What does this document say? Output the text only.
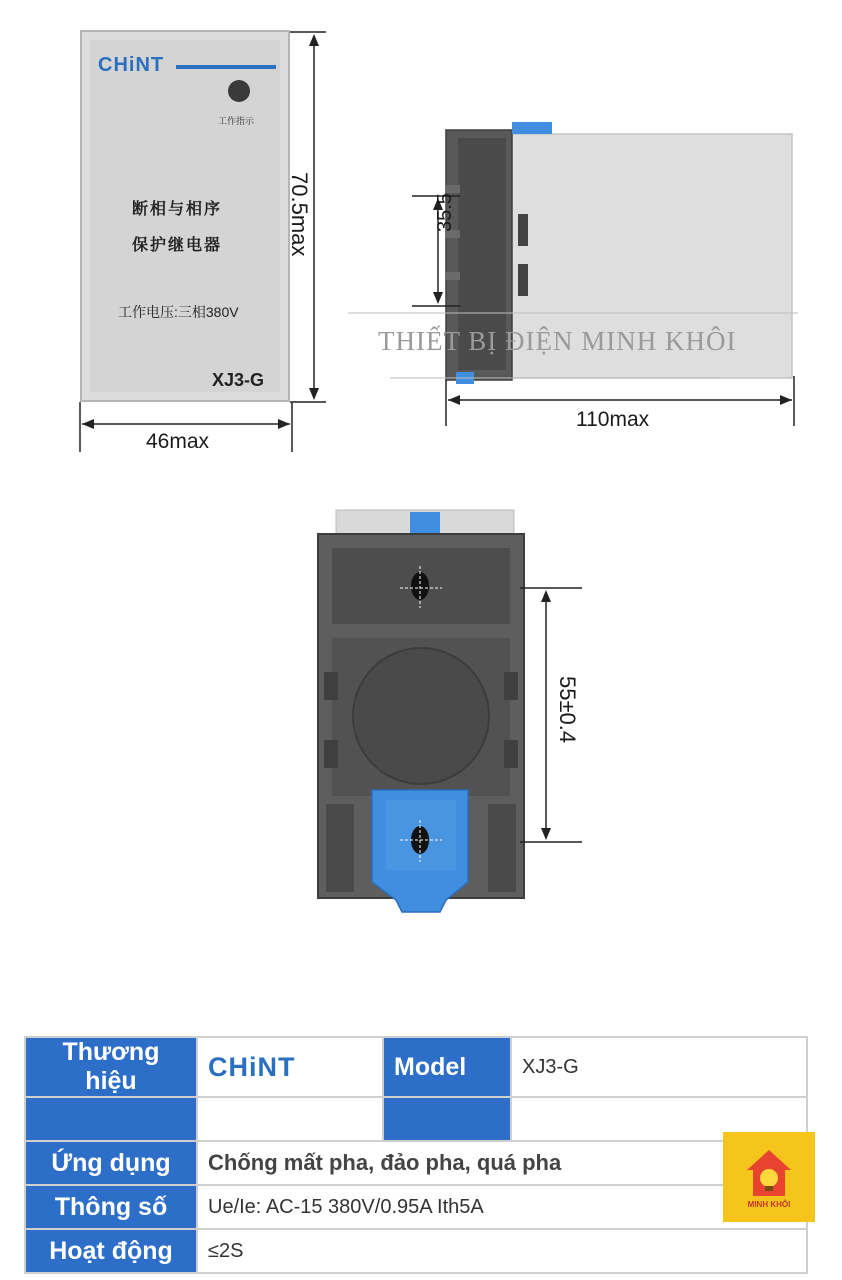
CHiNT
工作指示
断相与相序
保护继电器
工作电压:三相380V
XJ3-G
70.5max
46max
35.5
110max
THIẾT BỊ ĐIỆN MINH KHÔI
55±0.4
Thương hiệu	CHiNT	Model	XJ3-G

Ứng dụng	Chống mất pha, đảo pha, quá pha		
Thông số	Ue/Ie: AC-15 380V/0.95A Ith5A		
Hoạt động	≤2S		
MINH KHÔI
